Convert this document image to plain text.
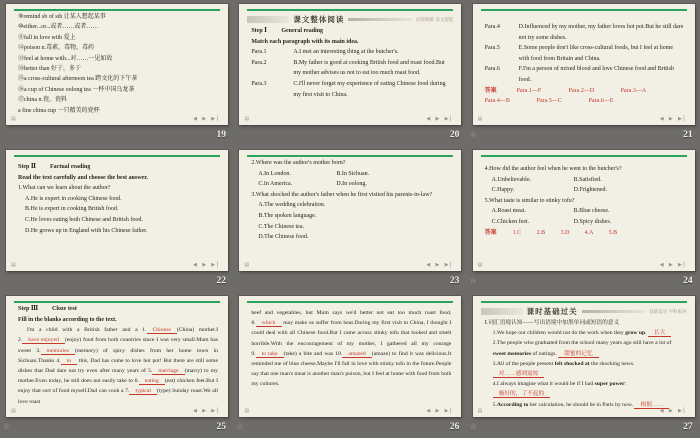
⑨remind sb of sth 让某人想起某事
⑩either...or...或者……或者……
⑪fall in love with 爱上
⑫poison n.毒素，毒物，毒药
⑬feel at home with...对……一见如故
⑭better than 好于，多于
⑮a cross-cultural afternoon tea 跨文化的下午茶
⑯a cup of Chinese oolong tea 一杯中国乌龙茶
⑰china n.瓷，瓷料
a fine china cup 一只精美的瓷杯
▤	◀ ▶ ▶▏
19
课文整体阅读	语篇理解 读文提能
Step Ⅰ General reading
Match each paragraph with its main idea.
Para.1	A.I met an interesting thing at the butcher's.
Para.2	B.My father is good at cooking British food and roast food.But my mother advises us not to eat too much roast food.
Para.3	C.I'll never forget my experience of eating Chinese food during my first visit to China.
▤	◀ ▶ ▶▏
20
Para.4	D.Influenced by my mother, my father loves hot pot.But he still dare not try some dishes.
Para.5	E.Some people don't like cross-cultural foods, but I feel at home with food from Britain and China.
Para.6	F.I'm a person of mixed blood and love Chinese food and British food.
答案	Para.1—F	Para.2—D	Para.3—A
Para.4—B	Para.5—C	Para.6—E
▤	◀ ▶ ▶▏
☆	21
Step Ⅱ Factual reading
Read the text carefully and choose the best answer.
1.What can we learn about the author?
A.He is expert in cooking Chinese food.
B.He is expert in cooking British food.
C.He loves eating both Chinese and British food.
D.He grows up in England with his Chinese father.
▤	◀ ▶ ▶▏
22
2.Where was the author's mother born?
A.In London.	B.In Sichuan.
C.In America.	D.In oolong.
3.What shocked the author's father when he first visited his parents-in-law?
A.The wedding celebration.
B.The spoken language.
C.The Chinese tea.
D.The Chinese food.
▤	◀ ▶ ▶▏
23
4.How did the author feel when he went to the butcher's?
A.Unbelievable.	B.Satisfied.
C.Happy.	D.Frightened.
5.What taste is similar to stinky tofu?
A.Roast meat.	B.Blue cheese.
C.Chicken feet.	D.Spicy dishes.
答案	1.C	2.B	3.D	4.A	5.B
▤	◀ ▶ ▶▏
☆	24
Step Ⅲ Cloze test
Fill in the blanks according to the text.
I'm a child with a British father and a 1. Chinese (China) mother.I 2. have enjoyed (enjoy) food from both countries since I was very small.Mum has sweet 3. memories (memory) of spicy dishes from her home town in Sichuan.Thanks 4. to this, Dad has come to love hot pot! But there are still some dishes that Dad dare not try even after many years of 5. marriage (marry) to my mother.Even today, he still does not easily take to 6. eating (eat) chicken feet.But I enjoy that sort of food myself.Dad can cook a 7. typical (type) Sunday roast.We all love roast
▤	◀ ▶ ▶▏
☆	25
beef and vegetables, but Mum says we'd better not eat too much roast food, 8. which may make us suffer from heat.During my first visit to China, I thought I could deal with all Chinese food.But I came across stinky tofu that looked and smelt horrible.With the encouragement of my mother, I gathered all my courage 9. to take (take) a bite and was 10. amazed (amaze) to find it was delicious.It reminded me of blue cheese.Maybe I'll fall in love with stinky tofu in the future.People say that one man's meat is another man's poison, but I feel at home with food from both my cultures.
▤	◀ ▶ ▶▏
☆	26
课时基础过关	基础落实 学科素养
Ⅰ.词汇语境认知——写出语境中加黑单词或短语的意义
1.We hope our children would not do the work when they grow up. 长大
2.The people who graduated from the school many years ago still have a lot of sweet memories of outings. 甜蜜的记忆
3.All of the people present felt shocked at the shocking news. 对……感到震惊
4.I always imagine what it would be if I had super power: 极好的，了不起的
5.According to her calculation, he should be in Paris by now. 根据……
▤	◀ ▶ ▶▏
☆	27
